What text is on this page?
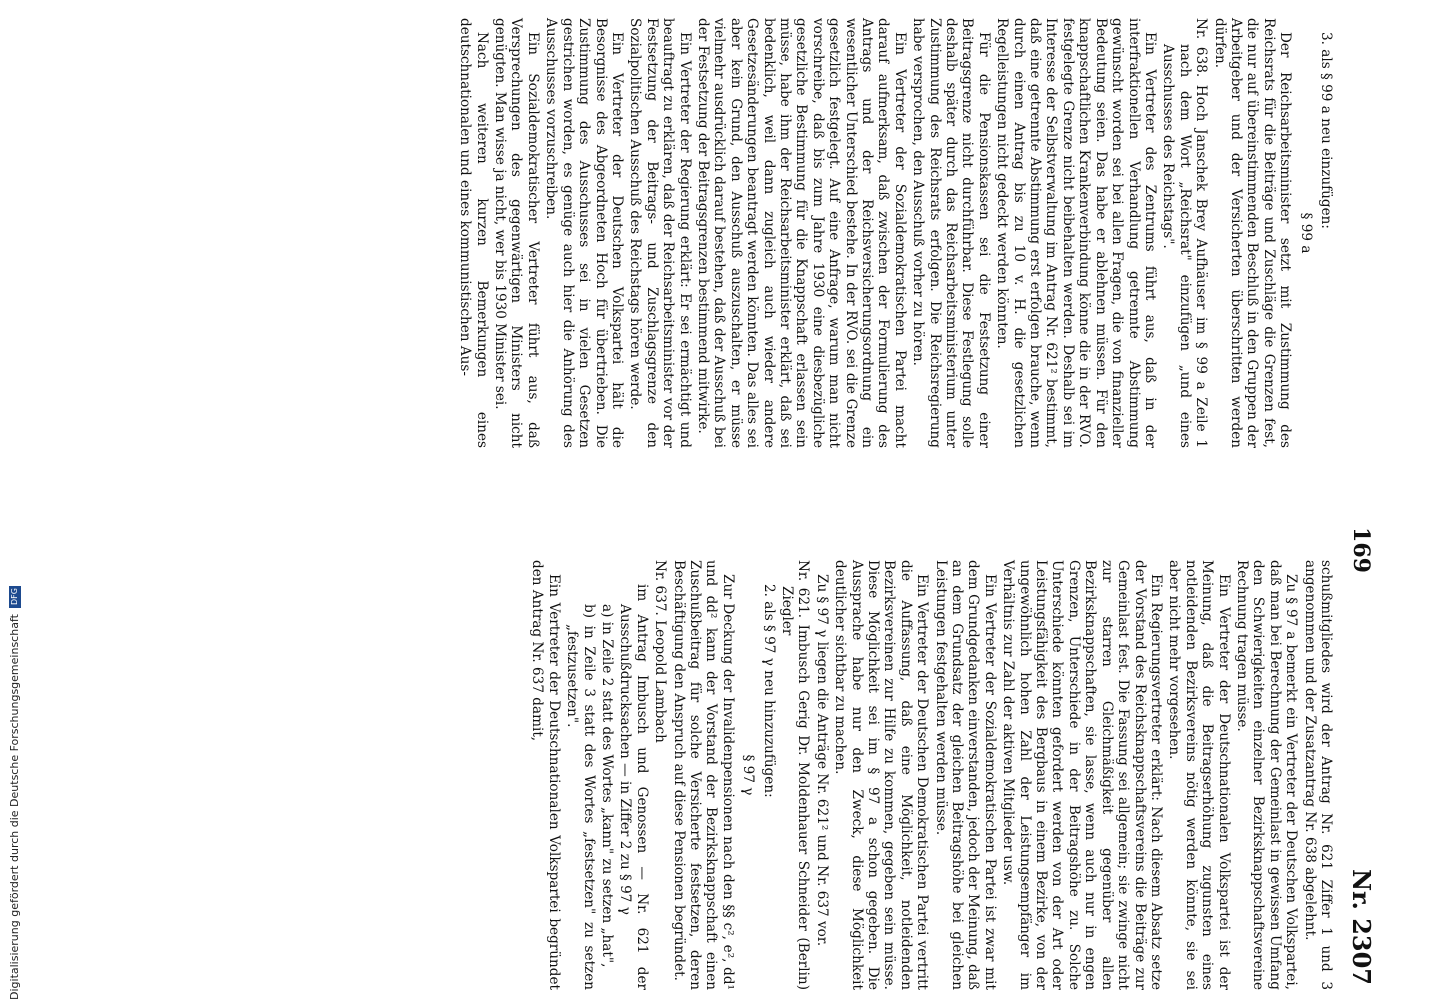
169
Nr. 2307

3. als § 99 a neu einzufügen:

§ 99 a

Der Reichsarbeitsminister setzt mit Zustimmung des Reichsrats für die Beiträge und Zuschläge die Grenzen fest, die nur auf übereinstimmenden Beschluß in den Gruppen der Arbeitgeber und der Versicherten überschritten werden dürfen.

Nr. 638. Hoch Janschek Brey Aufhäuser im § 99 a Zeile 1 nach dem Wort „Reichsrat" einzufügen „und eines Ausschusses des Reichstags".

Ein Vertreter des Zentrums führt aus, daß in der interfraktionellen Verhandlung getrennte Abstimmung gewünscht worden sei bei allen Fragen, die von finanzieller Bedeutung seien. Das habe er ablehnen müssen. Für den knappschaftlichen Krankenverbindung könne die in der RVO. festgelegte Grenze nicht beibehalten werden. Deshalb sei im Interesse der Selbstverwaltung im Antrag Nr. 621² bestimmt, daß eine getrennte Abstimmung erst erfolgen brauche, wenn durch einen Antrag bis zu 10 v. H. die gesetzlichen Regelleistungen nicht gedeckt werden könnten.

Für die Pensionskassen sei die Festsetzung einer Beitragsgrenze nicht durchführbar. Diese Festlegung solle deshalb später durch das Reichsarbeitsministerium unter Zustimmung des Reichsrats erfolgen. Die Reichsregierung habe versprochen, den Ausschuß vorher zu hören.

Ein Vertreter der Sozialdemokratischen Partei macht darauf aufmerksam, daß zwischen der Formulierung des Antrags und der Reichsversicherungsordnung ein wesentlicher Unterschied bestehe. In der RVO. sei die Grenze gesetzlich festgelegt. Auf eine Anfrage, warum man nicht vorschreibe, daß bis zum Jahre 1930 eine diesbezügliche gesetzliche Bestimmung für die Knappschaft erlassen sein müsse, habe ihm der Reichsarbeitsminister erklärt, daß sei bedenklich, weil dann zugleich auch wieder andere Gesetzesänderungen beantragt werden könnten. Das alles sei aber kein Grund, den Ausschuß auszuschalten, er müsse vielmehr ausdrücklich darauf bestehen, daß der Ausschuß bei der Festsetzung der Beitragsgrenzen bestimmend mitwirke.

Ein Vertreter der Regierung erklärt: Er sei ermächtigt und beauftragt zu erklären, daß der Reichsarbeitsminister vor der Festsetzung der Beitrags- und Zuschlagsgrenze den Sozialpolitischen Ausschuß des Reichstags hören werde.

Ein Vertreter der Deutschen Volkspartei hält die Besorgnisse des Abgeordneten Hoch für übertrieben. Die Zustimmung des Ausschusses sei in vielen Gesetzen gestrichen worden, es genüge auch hier die Anhörung des Ausschusses vorzuschreiben.

Ein Sozialdemokratischer Vertreter führt aus, daß Versprechungen des gegenwärtigen Ministers nicht genügten. Man wisse ja nicht, wer bis 1930 Minister sei.

Nach weiteren kurzen Bemerkungen eines deutschnationalen und eines kommunistischen Aus-

schußmitgliedes wird der Antrag Nr. 621 Ziffer 1 und 3 angenommen und der Zusatzantrag Nr. 638 abgelehnt.

Zu § 97 a bemerkt ein Vertreter der Deutschen Volkspartei, daß man bei Berechnung der Gemeinlast in gewissen Umfang den Schwierigkeiten einzelner Bezirksknappschaftsvereine Rechnung tragen müsse.

Ein Vertreter der Deutschnationalen Volkspartei ist der Meinung, daß die Beitragserhöhung zugunsten eines notleidenden Bezirksvereins nötig werden könnte, sie sei aber nicht mehr vorgesehen.

Ein Regierungsvertreter erklärt: Nach diesem Absatz setze der Vorstand des Reichsknappschaftsvereins die Beiträge zur Gemeinlast fest. Die Fassung sei allgemein; sie zwinge nicht zur starren Gleichmäßigkeit gegenüber allen Bezirksknappschaften, sie lasse, wenn auch nur in engen Grenzen, Unterschiede in der Beitragshöhe zu. Solche Unterschiede könnten gefordert werden von der Art oder Leistungsfähigkeit des Bergbaus in einem Bezirke, von der ungewöhnlich hohen Zahl der Leistungsempfänger im Verhältnis zur Zahl der aktiven Mitglieder usw.

Ein Vertreter der Sozialdemokratischen Partei ist zwar mit dem Grundgedanken einverstanden, jedoch der Meinung, daß an dem Grundsatz der gleichen Beitragshöhe bei gleichen Leistungen festgehalten werden müsse.

Ein Vertreter der Deutschen Demokratischen Partei vertritt die Auffassung, daß eine Möglichkeit, notleidenden Bezirksvereinen zur Hilfe zu kommen, gegeben sein müsse. Diese Möglichkeit sei im § 97 a schon gegeben. Die Aussprache habe nur den Zweck, diese Möglichkeit deutlicher sichtbar zu machen.

Zu § 97 γ liegen die Anträge Nr. 621² und Nr. 637 vor.

Nr. 621. Imbusch Gerig Dr. Moldenhauer Schneider (Berlin) Ziegler

2. als § 97 γ neu hinzuzufügen:

§ 97 γ

Zur Deckung der Invalidenpensionen nach den §§ c², e², dd¹ und dd² kann der Vorstand der Bezirksknappschaft einen Zuschußbeitrag für solche Versicherte festsetzen, deren Beschäftigung den Anspruch auf diese Pensionen begründet.

Nr. 637. Leopold Lambach

im Antrag Imbusch und Genossen — Nr. 621 der Ausschußdrucksachen — in Ziffer 2 zu § 97 γ

a) in Zeile 2 statt des Wortes „kann" zu setzen „hat",

b) in Zeile 3 statt des Wortes „festsetzen" zu setzen „festzusetzen".

Ein Vertreter der Deutschnationalen Volkspartei begründet den Antrag Nr. 637 damit,

Digitalisierung gefördert durch die Deutsche Forschungsgemeinschaft DFG
